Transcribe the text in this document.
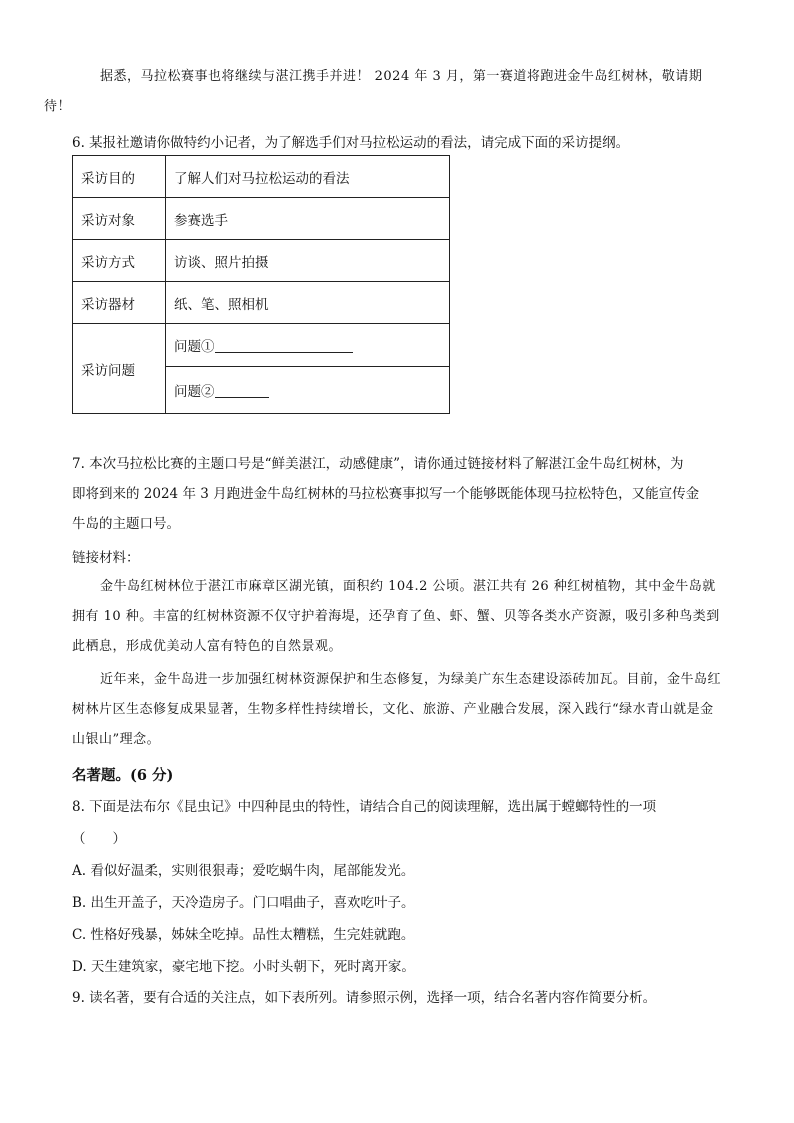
据悉，马拉松赛事也将继续与湛江携手并进！ 2024 年 3 月，第一赛道将跑进金牛岛红树林，敬请期
待！
6. 某报社邀请你做特约小记者，为了解选手们对马拉松运动的看法，请完成下面的采访提纲。
采访目的	了解人们对马拉松运动的看法
采访对象	参赛选手
采访方式	访谈、照片拍摄
采访器材	纸、笔、照相机
采访问题	问题①
	问题②
7. 本次马拉松比赛的主题口号是“鲜美湛江，动感健康”，请你通过链接材料了解湛江金牛岛红树林，为
即将到来的 2024 年 3 月跑进金牛岛红树林的马拉松赛事拟写一个能够既能体现马拉松特色，又能宣传金
牛岛的主题口号。
链接材料：
金牛岛红树林位于湛江市麻章区湖光镇，面积约 104.2 公顷。湛江共有 26 种红树植物，其中金牛岛就拥有 10 种。丰富的红树林资源不仅守护着海堤，还孕育了鱼、虾、蟹、贝等各类水产资源，吸引多种鸟类到此栖息，形成优美动人富有特色的自然景观。
近年来，金牛岛进一步加强红树林资源保护和生态修复，为绿美广东生态建设添砖加瓦。目前，金牛岛红树林片区生态修复成果显著，生物多样性持续增长，文化、旅游、产业融合发展，深入践行“绿水青山就是金山银山”理念。
名著题。(6 分)
8. 下面是法布尔《昆虫记》中四种昆虫的特性，请结合自己的阅读理解，选出属于螳螂特性的一项
（　　）
A. 看似好温柔，实则很狠毒；爱吃蜗牛肉，尾部能发光。
B. 出生开盖子，天冷造房子。门口唱曲子，喜欢吃叶子。
C. 性格好残暴，姊妹全吃掉。品性太糟糕，生完娃就跑。
D. 天生建筑家，豪宅地下挖。小时头朝下，死时离开家。
9. 读名著，要有合适的关注点，如下表所列。请参照示例，选择一项，结合名著内容作简要分析。
